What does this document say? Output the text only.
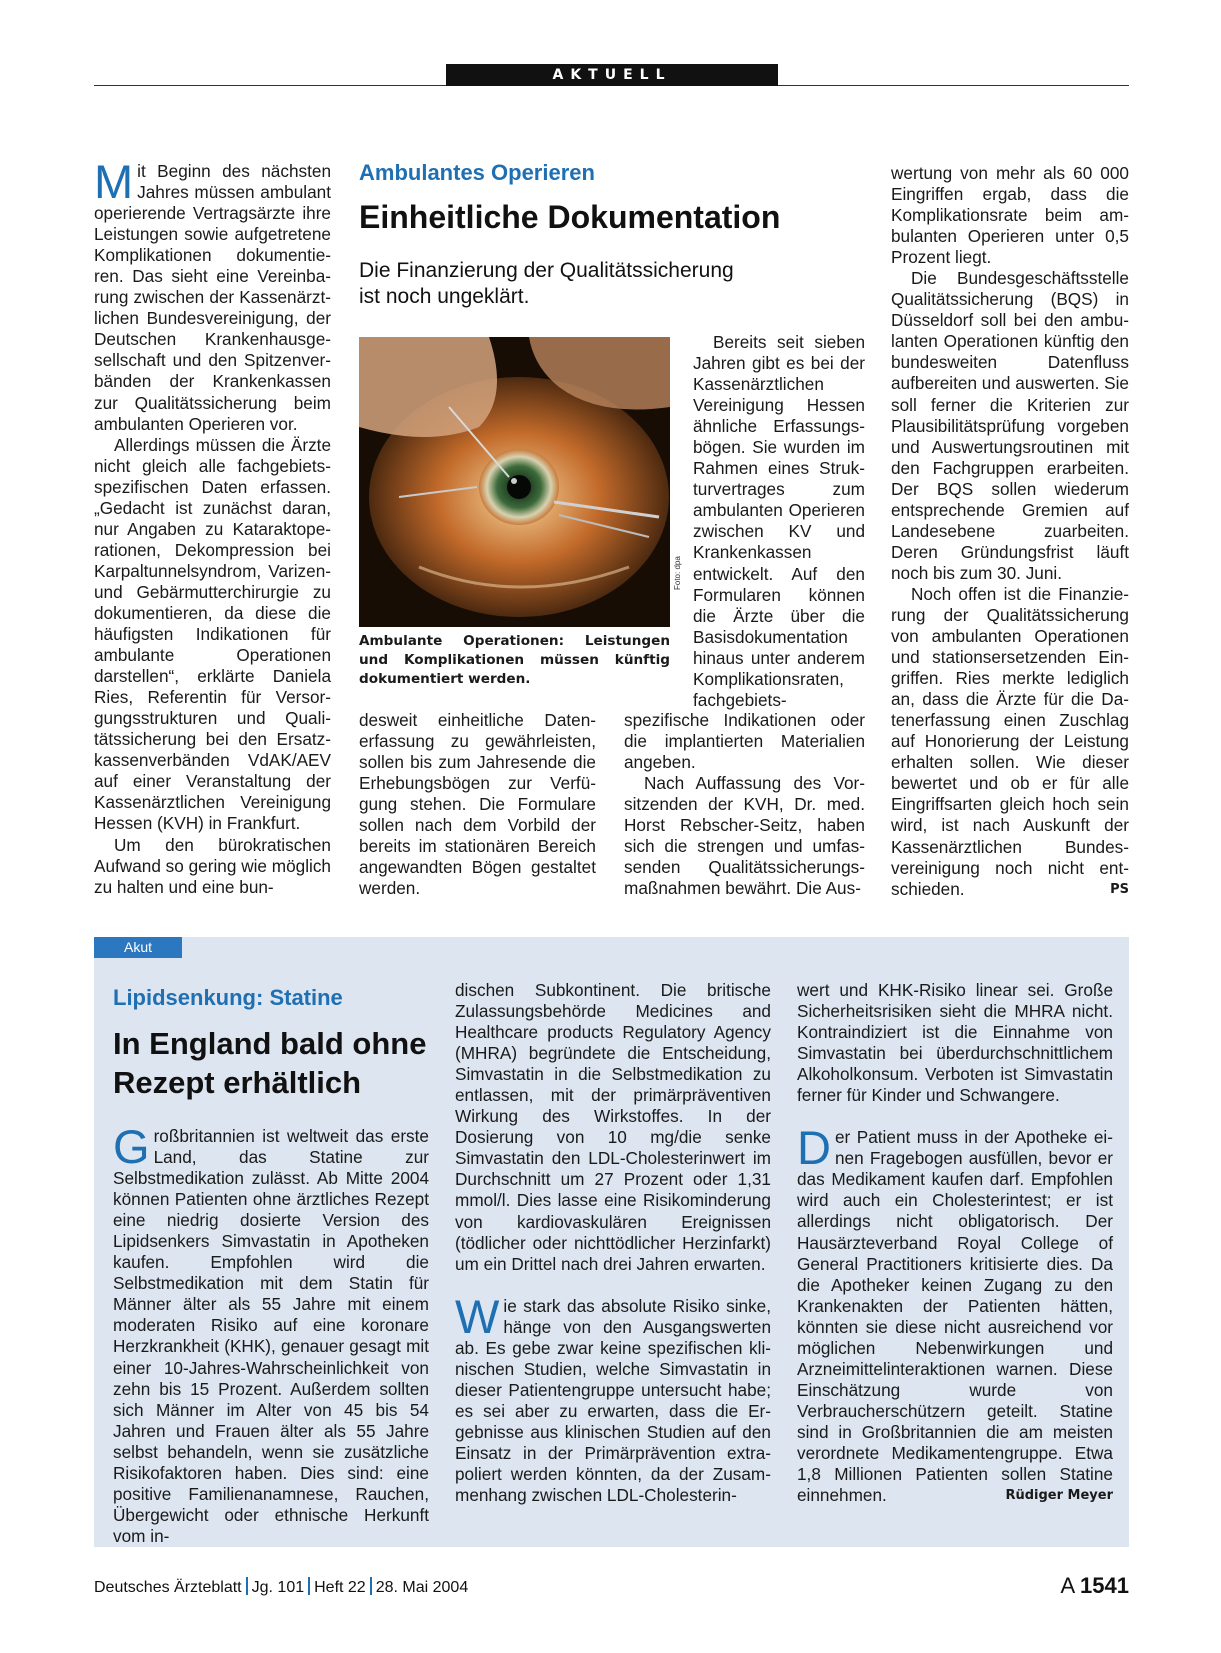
AKTUELL

Mit Beginn des nächsten Jahres müssen ambulant operierende Vertragsärzte ihre Leistungen sowie aufgetretene Komplikationen dokumentieren. Das sieht eine Vereinbarung zwischen der Kassenärztlichen Bundesvereinigung, der Deutschen Krankenhausgesellschaft und den Spitzenverbänden der Krankenkassen zur Qualitätssicherung beim ambulanten Operieren vor.

Allerdings müssen die Ärzte nicht gleich alle fachgebietsspezifischen Daten erfassen. „Gedacht ist zunächst daran, nur Angaben zu Kataraktoperationen, Dekompression bei Karpaltunnelsyndrom, Varizen- und Gebärmutterchirurgie zu dokumentieren, da diese die häufigsten Indikationen für ambulante Operationen darstellen“, erklärte Daniela Ries, Referentin für Versorgungsstrukturen und Qualitätssicherung bei den Ersatzkassenverbänden VdAK/AEV auf einer Veranstaltung der Kassenärztlichen Vereinigung Hessen (KVH) in Frankfurt.

Um den bürokratischen Aufwand so gering wie möglich zu halten und eine bun-

Ambulantes Operieren
Einheitliche Dokumentation
Die Finanzierung der Qualitätssicherung ist noch ungeklärt.
Foto: dpa
Ambulante Operationen: Leistungen und Komplikationen müssen künftig dokumentiert werden.

desweit einheitliche Datenerfassung zu gewährleisten, sollen bis zum Jahresende die Erhebungsbögen zur Verfügung stehen. Die Formulare sollen nach dem Vorbild der bereits im stationären Bereich angewandten Bögen gestaltet werden.

Bereits seit sieben Jahren gibt es bei der Kassenärztlichen Vereinigung Hessen ähnliche Erfassungsbögen. Sie wurden im Rahmen eines Strukturvertrages zum ambulanten Operieren zwischen KV und Krankenkassen entwickelt. Auf den Formularen können die Ärzte über die Basisdokumentation hinaus unter anderem Komplikationsraten, fachgebiets-

spezifische Indikationen oder die implantierten Materialien angeben.

Nach Auffassung des Vorsitzenden der KVH, Dr. med. Horst Rebscher-Seitz, haben sich die strengen und umfassenden Qualitätssicherungsmaßnahmen bewährt. Die Aus-

wertung von mehr als 60 000 Eingriffen ergab, dass die Komplikationsrate beim ambulanten Operieren unter 0,5 Prozent liegt.

Die Bundesgeschäftsstelle Qualitätssicherung (BQS) in Düsseldorf soll bei den ambulanten Operationen künftig den bundesweiten Datenfluss aufbereiten und auswerten. Sie soll ferner die Kriterien zur Plausibilitätsprüfung vorgeben und Auswertungsroutinen mit den Fachgruppen erarbeiten. Der BQS sollen wiederum entsprechende Gremien auf Landesebene zuarbeiten. Deren Gründungsfrist läuft noch bis zum 30. Juni.

Noch offen ist die Finanzierung der Qualitätssicherung von ambulanten Operationen und stationsersetzenden Eingriffen. Ries merkte lediglich an, dass die Ärzte für die Datenerfassung einen Zuschlag auf Honorierung der Leistung erhalten sollen. Wie dieser bewertet und ob er für alle Eingriffsarten gleich hoch sein wird, ist nach Auskunft der Kassenärztlichen Bundesvereinigung noch nicht entschieden.	PS

Akut
Lipidsenkung: Statine
In England bald ohne Rezept erhältlich

Großbritannien ist weltweit das erste Land, das Statine zur Selbstmedikation zulässt. Ab Mitte 2004 können Patienten ohne ärztliches Rezept eine niedrig dosierte Version des Lipidsenkers Simvastatin in Apotheken kaufen. Empfohlen wird die Selbstmedikation mit dem Statin für Männer älter als 55 Jahre mit einem moderaten Risiko auf eine koronare Herzkrankheit (KHK), genauer gesagt mit einer 10-Jahres-Wahrscheinlichkeit von zehn bis 15 Prozent. Außerdem sollten sich Männer im Alter von 45 bis 54 Jahren und Frauen älter als 55 Jahre selbst behandeln, wenn sie zusätzliche Risikofaktoren haben. Dies sind: eine positive Familienanamnese, Rauchen, Übergewicht oder ethnische Herkunft vom in-

dischen Subkontinent. Die britische Zulassungsbehörde Medicines and Healthcare products Regulatory Agency (MHRA) begründete die Entscheidung, Simvastatin in die Selbstmedikation zu entlassen, mit der primärpräventiven Wirkung des Wirkstoffes. In der Dosierung von 10 mg/die senke Simvastatin den LDL-Cholesterinwert im Durchschnitt um 27 Prozent oder 1,31 mmol/l. Dies lasse eine Risikominderung von kardiovaskulären Ereignissen (tödlicher oder nichttödlicher Herzinfarkt) um ein Drittel nach drei Jahren erwarten.

Wie stark das absolute Risiko sinke, hänge von den Ausgangswerten ab. Es gebe zwar keine spezifischen klinischen Studien, welche Simvastatin in dieser Patientengruppe untersucht habe; es sei aber zu erwarten, dass die Ergebnisse aus klinischen Studien auf den Einsatz in der Primärprävention extrapoliert werden könnten, da der Zusammenhang zwischen LDL-Cholesterin-

wert und KHK-Risiko linear sei. Große Sicherheitsrisiken sieht die MHRA nicht. Kontraindiziert ist die Einnahme von Simvastatin bei überdurchschnittlichem Alkoholkonsum. Verboten ist Simvastatin ferner für Kinder und Schwangere.

Der Patient muss in der Apotheke einen Fragebogen ausfüllen, bevor er das Medikament kaufen darf. Empfohlen wird auch ein Cholesterintest; er ist allerdings nicht obligatorisch. Der Hausärzteverband Royal College of General Practitioners kritisierte dies. Da die Apotheker keinen Zugang zu den Krankenakten der Patienten hätten, könnten sie diese nicht ausreichend vor möglichen Nebenwirkungen und Arzneimittelinteraktionen warnen. Diese Einschätzung wurde von Verbraucherschützern geteilt. Statine sind in Großbritannien die am meisten verordnete Medikamentengruppe. Etwa 1,8 Millionen Patienten sollen Statine einnehmen.	Rüdiger Meyer

Deutsches Ärzteblatt Jg. 101 Heft 22 28. Mai 2004	A 1541
